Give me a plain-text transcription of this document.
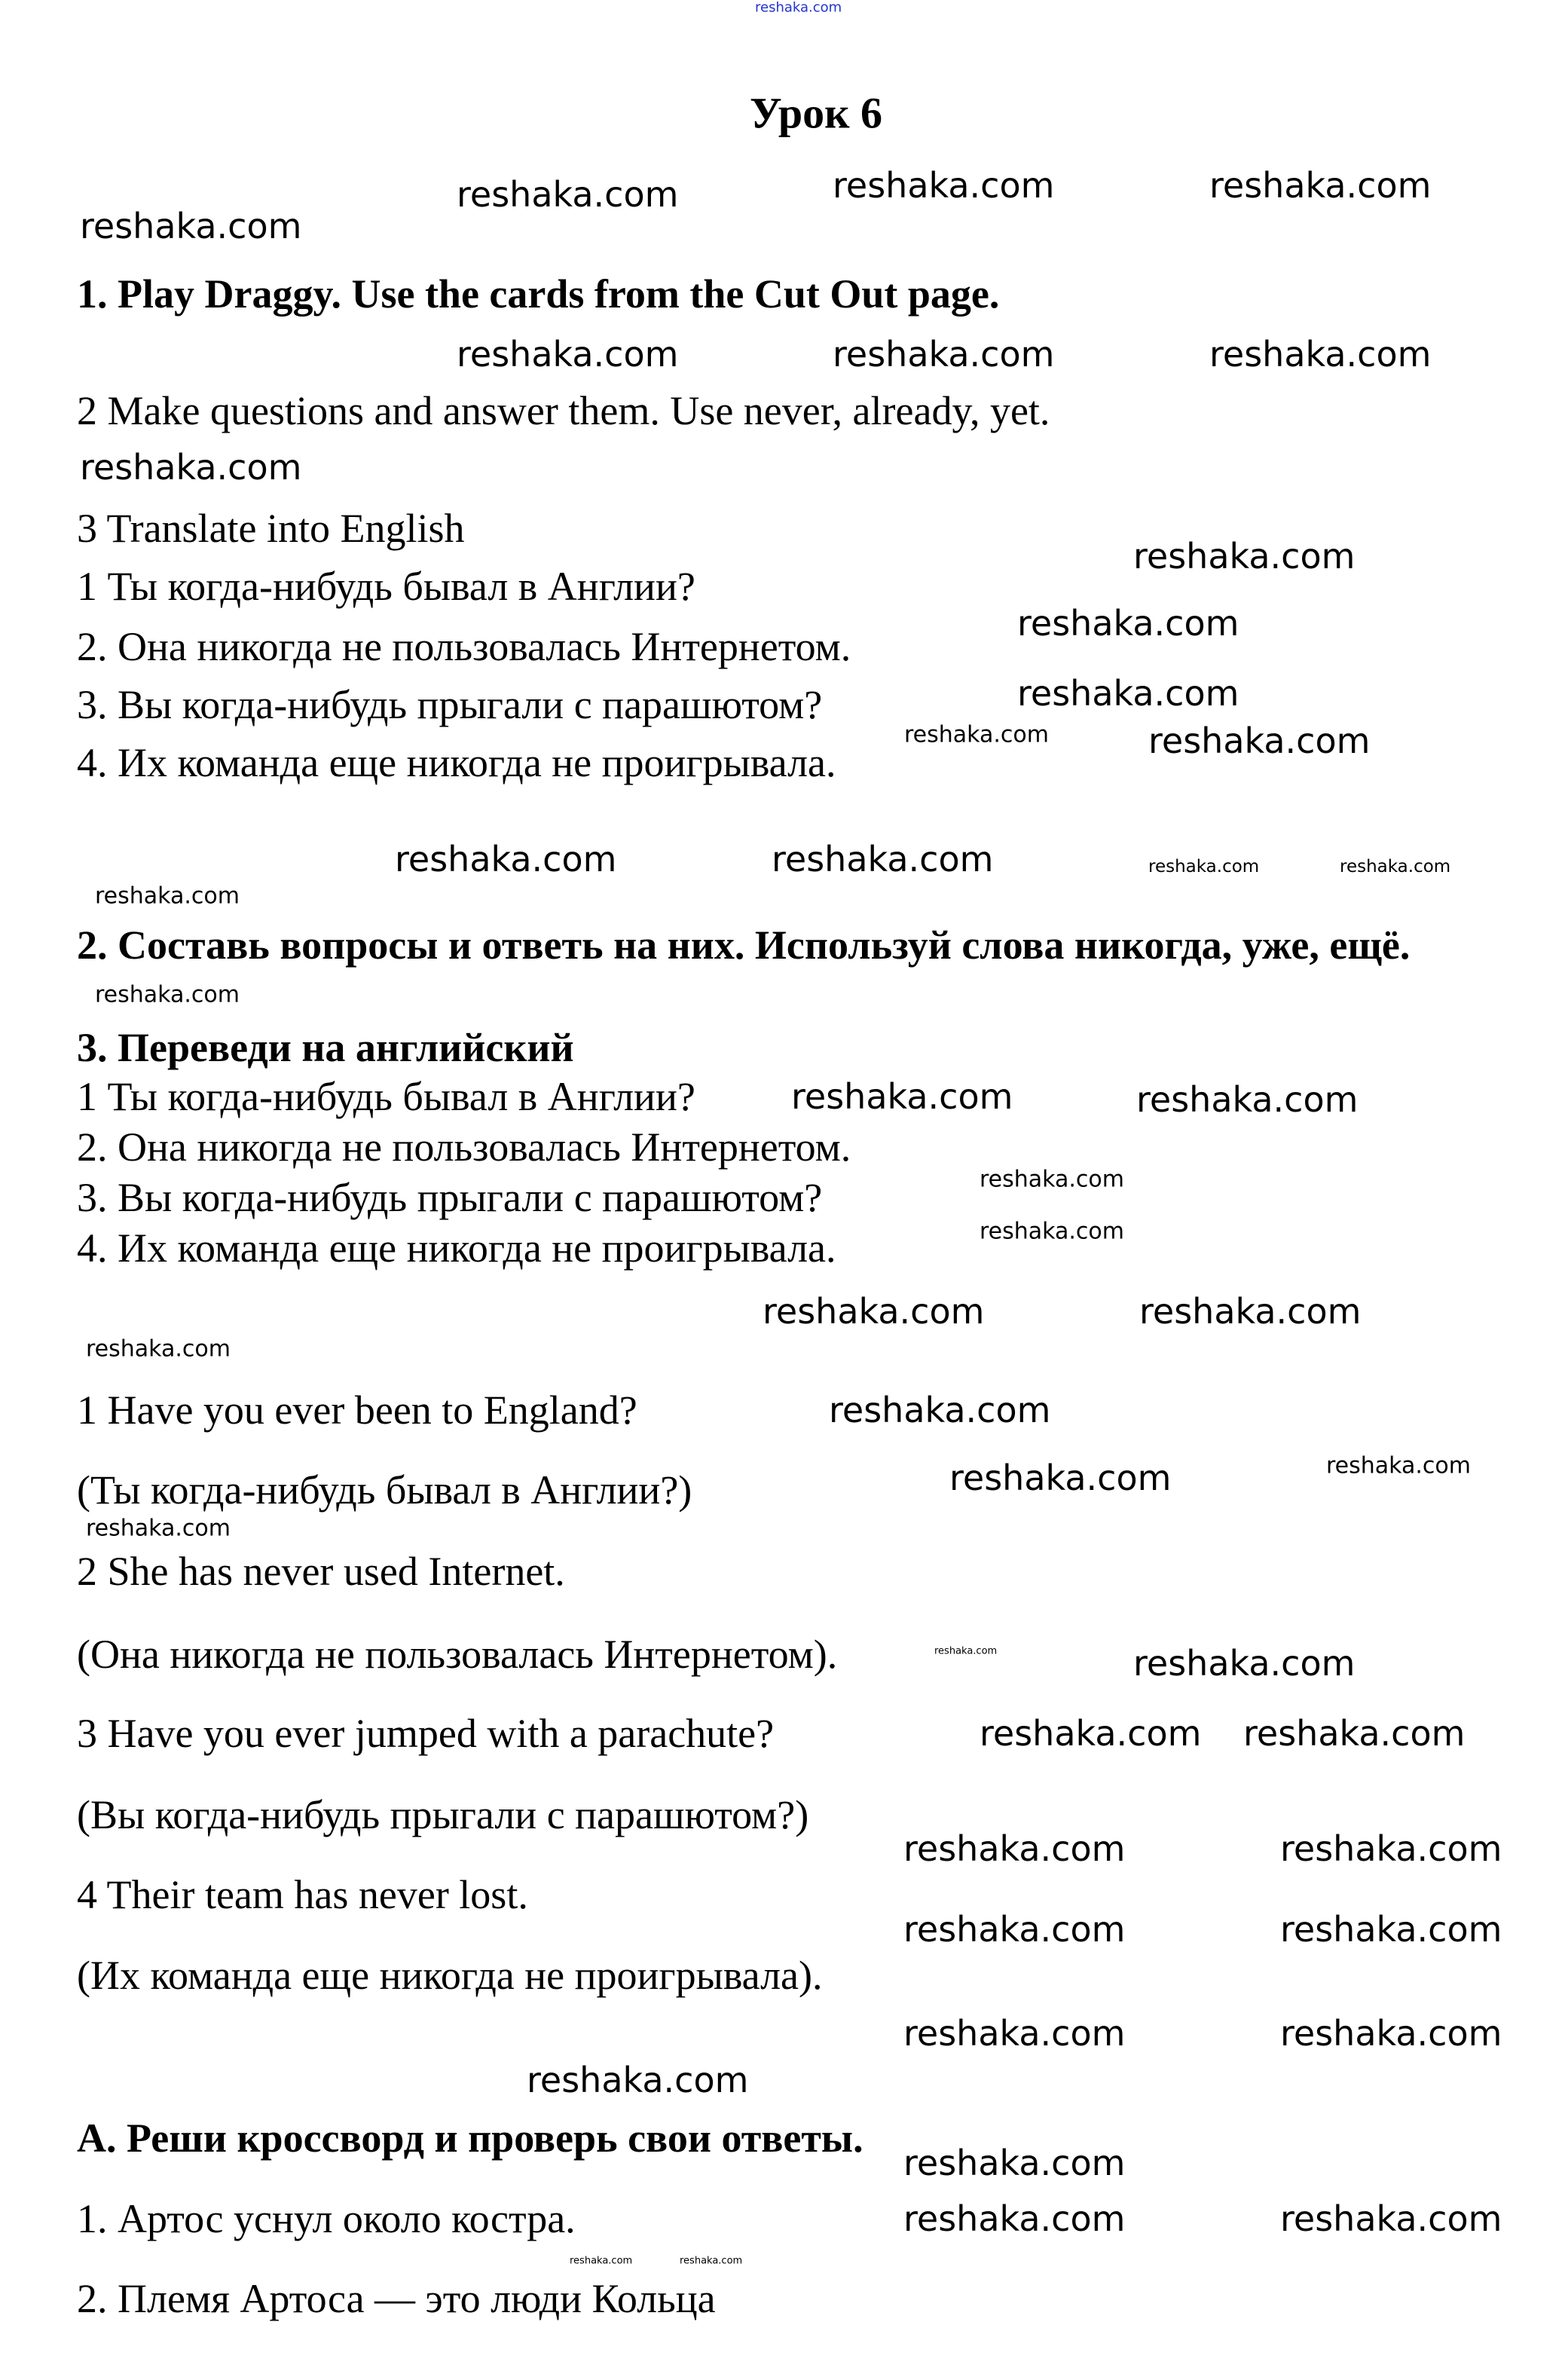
reshaka.com
Урок 6
1. Play Draggy. Use the cards from the Cut Out page.
2 Make questions and answer them. Use never, already, yet.
3 Translate into English
1 Ты когда-нибудь бывал в Англии?
2. Она никогда не пользовалась Интернетом.
3. Вы когда-нибудь прыгали с парашютом?
4. Их команда еще никогда не проигрывала.
2. Составь вопросы и ответь на них. Используй слова никогда, уже, ещё.
3. Переведи на английский
1 Ты когда-нибудь бывал в Англии?
2. Она никогда не пользовалась Интернетом.
3. Вы когда-нибудь прыгали с парашютом?
4. Их команда еще никогда не проигрывала.
1 Have you ever been to England?
(Ты когда-нибудь бывал в Англии?)
2 She has never used Internet.
(Она никогда не пользовалась Интернетом).
3 Have you ever jumped with a parachute?
(Вы когда-нибудь прыгали с парашютом?)
4 Their team has never lost.
(Их команда еще никогда не проигрывала).
А. Реши кроссворд и проверь свои ответы.
1. Артос уснул около костра.
2. Племя Артоса — это люди Кольца
reshaka.com	reshaka.com	reshaka.com
reshaka.com
reshaka.com	reshaka.com	reshaka.com
reshaka.com
reshaka.com
reshaka.com
reshaka.com
reshaka.com	reshaka.com
reshaka.com
reshaka.com	reshaka.com	reshaka.com	reshaka.com
reshaka.com
reshaka.com	reshaka.com
reshaka.com
reshaka.com
reshaka.com	reshaka.com
reshaka.com
reshaka.com
reshaka.com	reshaka.com
reshaka.com
reshaka.com	reshaka.com
reshaka.com reshaka.com
reshaka.com	reshaka.com
reshaka.com	reshaka.com
reshaka.com	reshaka.com
reshaka.com
reshaka.com
reshaka.com	reshaka.com
reshaka.com	reshaka.com
